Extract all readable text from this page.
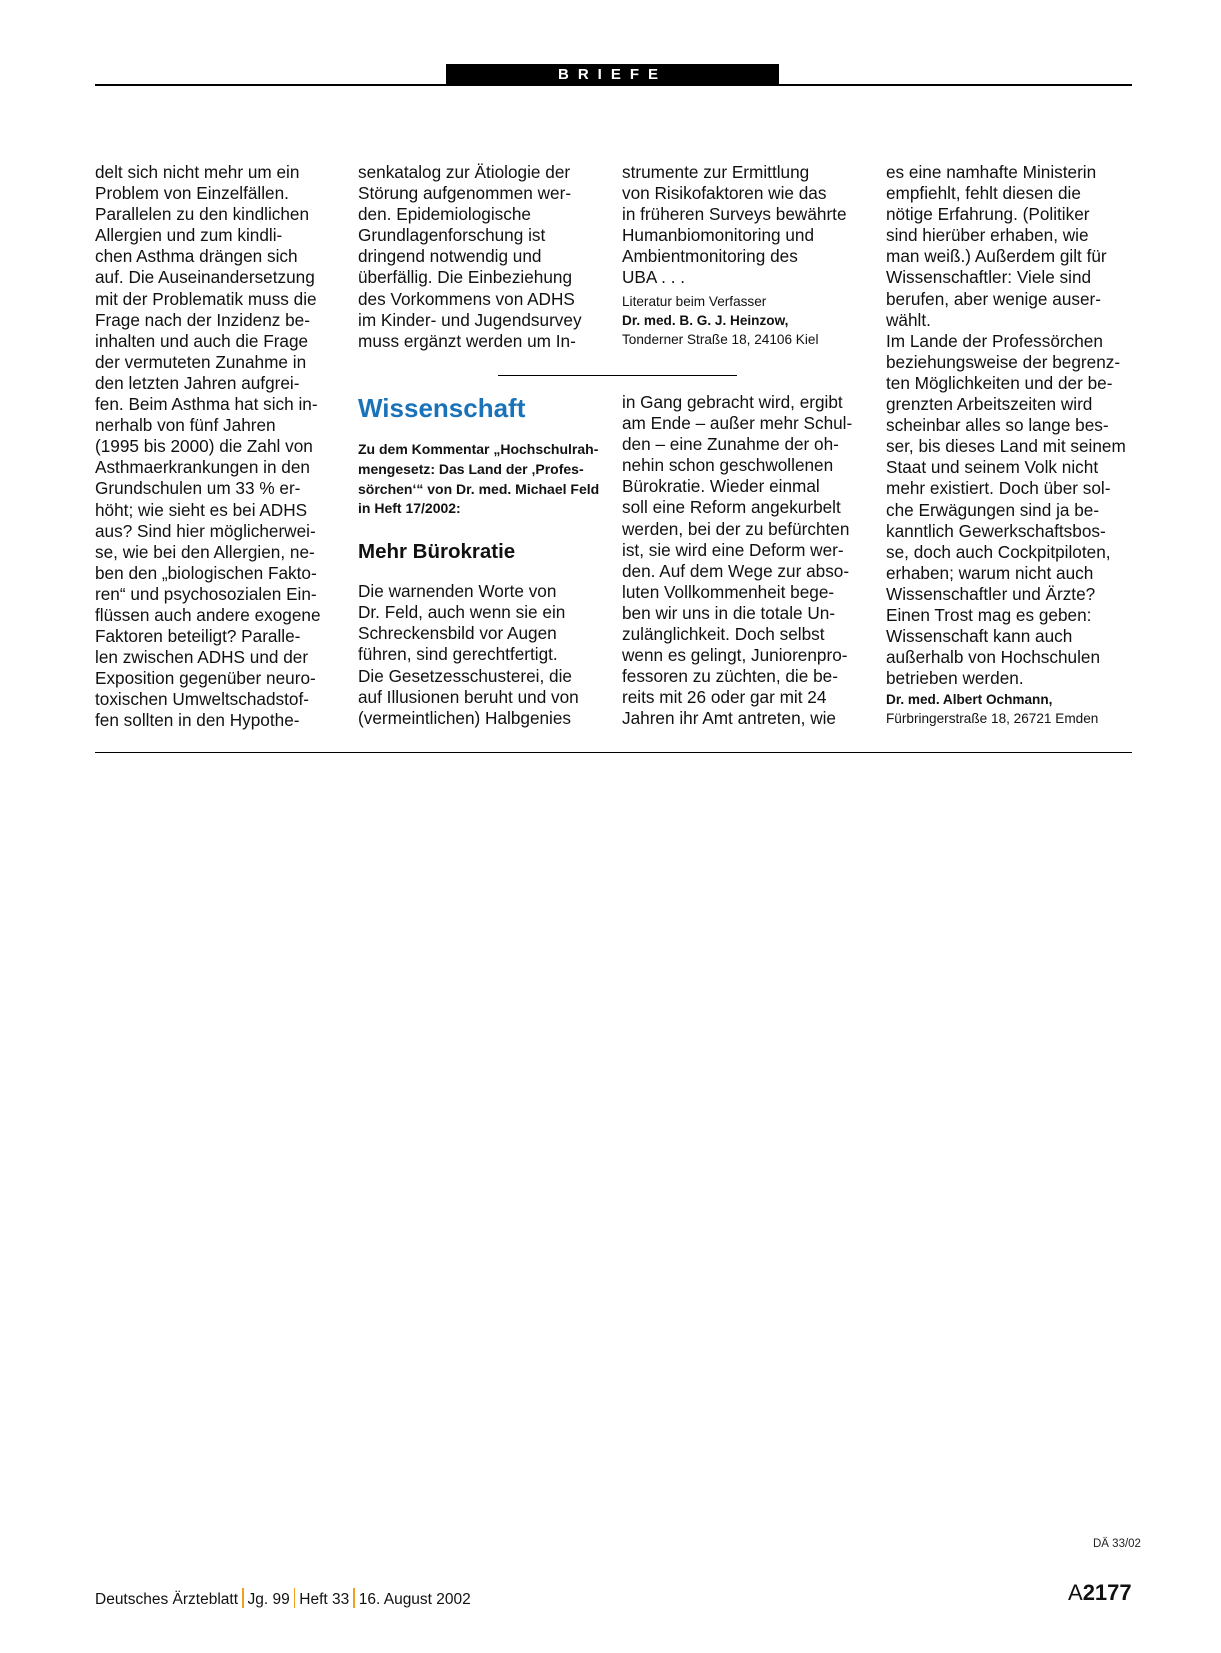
BRIEFE

delt sich nicht mehr um ein
Problem von Einzelfällen.
Parallelen zu den kindlichen
Allergien und zum kindli-
chen Asthma drängen sich
auf. Die Auseinandersetzung
mit der Problematik muss die
Frage nach der Inzidenz be-
inhalten und auch die Frage
der vermuteten Zunahme in
den letzten Jahren aufgrei-
fen. Beim Asthma hat sich in-
nerhalb von fünf Jahren
(1995 bis 2000) die Zahl von
Asthmaerkrankungen in den
Grundschulen um 33 % er-
höht; wie sieht es bei ADHS
aus? Sind hier möglicherwei-
se, wie bei den Allergien, ne-
ben den „biologischen Fakto-
ren“ und psychosozialen Ein-
flüssen auch andere exogene
Faktoren beteiligt? Paralle-
len zwischen ADHS und der
Exposition gegenüber neuro-
toxischen Umweltschadstof-
fen sollten in den Hypothe-

senkatalog zur Ätiologie der
Störung aufgenommen wer-
den. Epidemiologische
Grundlagenforschung ist
dringend notwendig und
überfällig. Die Einbeziehung
des Vorkommens von ADHS
im Kinder- und Jugendsurvey
muss ergänzt werden um In-

strumente zur Ermittlung
von Risikofaktoren wie das
in früheren Surveys bewährte
Humanbiomonitoring und
Ambientmonitoring des
UBA . . .

Literatur beim Verfasser

Dr. med. B. G. J. Heinzow,

Tonderner Straße 18, 24106 Kiel

Wissenschaft

Zu dem Kommentar „Hochschulrah-
mengesetz: Das Land der ‚Profes-
sörchen‘“ von Dr. med. Michael Feld
in Heft 17/2002:

Mehr Bürokratie

Die warnenden Worte von
Dr. Feld, auch wenn sie ein
Schreckensbild vor Augen
führen, sind gerechtfertigt.
Die Gesetzesschusterei, die
auf Illusionen beruht und von
(vermeintlichen) Halbgenies

in Gang gebracht wird, ergibt
am Ende – außer mehr Schul-
den – eine Zunahme der oh-
nehin schon geschwollenen
Bürokratie. Wieder einmal
soll eine Reform angekurbelt
werden, bei der zu befürchten
ist, sie wird eine Deform wer-
den. Auf dem Wege zur abso-
luten Vollkommenheit bege-
ben wir uns in die totale Un-
zulänglichkeit. Doch selbst
wenn es gelingt, Juniorenpro-
fessoren zu züchten, die be-
reits mit 26 oder gar mit 24
Jahren ihr Amt antreten, wie

es eine namhafte Ministerin
empfiehlt, fehlt diesen die
nötige Erfahrung. (Politiker
sind hierüber erhaben, wie
man weiß.) Außerdem gilt für
Wissenschaftler: Viele sind
berufen, aber wenige auser-
wählt.
Im Lande der Professörchen
beziehungsweise der begrenz-
ten Möglichkeiten und der be-
grenzten Arbeitszeiten wird
scheinbar alles so lange bes-
ser, bis dieses Land mit seinem
Staat und seinem Volk nicht
mehr existiert. Doch über sol-
che Erwägungen sind ja be-
kanntlich Gewerkschaftsbos-
se, doch auch Cockpitpiloten,
erhaben; warum nicht auch
Wissenschaftler und Ärzte?
Einen Trost mag es geben:
Wissenschaft kann auch
außerhalb von Hochschulen
betrieben werden.

Dr. med. Albert Ochmann,

Fürbringerstraße 18, 26721 Emden

DÄ 33/02
Deutsches Ärzteblatt Jg. 99 Heft 33 16. August 2002	A2177
